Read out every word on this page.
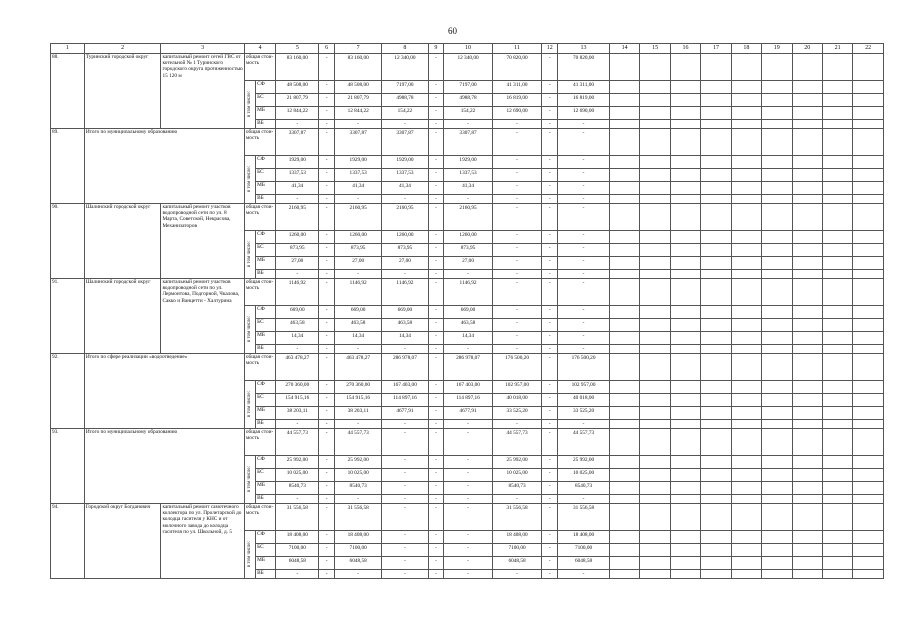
60
1	2	3	4		5	6	7	8	9	10	11	12	13	14	15	16	17	18	19	20	21	22
88.	Туринский городской округ	капитальный ремонт сетей ГВС от котельной № 1 Туринского городского округа протяженностью 15 120 м	общая стои-мость		83 160,00	-	83 160,00	12 340,00	-	12 340,00	70 820,00	-	70 820,00									

			в том числе:	СФ	48 508,00	-	48 508,00	7197,00	-	7197,00	41 311,00	-	41 311,00									
				БС	21 807,79	-	21 807,79	4988,78	-	4988,78	16 819,00	-	16 819,00									
				МБ	12 844,22	-	12 844,22	154,22	-	154,22	12 690,00	-	12 690,00									
				ВБ	-	-	-	-	-	-	-	-	-									
89.	Итого по муниципальному образованию		общая стои-мость		3307,87	-	3307,87	3307,87	-	3307,87	-	-	-									

			в том числе:	СФ	1929,00	-	1929,00	1929,00	-	1929,00	-	-	-									
				БС	1337,53	-	1337,53	1337,53	-	1337,53	-	-	-									
				МБ	41,34	-	41,34	41,34	-	41,34	-	-	-									
				ВБ	-	-	-	-	-	-	-	-	-									
90.	Шалинский городской округ	капитальный ремонт участков водопроводной сети по ул. 8 Марта, Советской, Некрасова, Механизаторов	общая стои-мость		2160,95	-	2160,95	2160,95	-	2160,95	-	-	-									

			в том числе:	СФ	1260,00	-	1260,00	1260,00	-	1260,00	-	-	-									
				БС	873,95	-	873,95	873,95	-	873,95	-	-	-									
				МБ	27,00	-	27,00	27,00	-	27,00	-	-	-									
				ВБ	-	-	-	-	-	-	-	-	-									
91.	Шалинский городской округ	капитальный ремонт участков водопроводной сети по ул. Лермонтова, Подгорной, Чкалова, Сакко и Ванцетти - Халтурина	общая стои-мость		1146,92	-	1146,92	1146,92	-	1146,92	-	-	-									

			в том числе:	СФ	669,00	-	669,00	669,00	-	669,00	-	-	-									
				БС	463,58	-	463,58	463,58	-	463,58	-	-	-									
				МБ	14,34	-	14,34	14,34	-	14,34	-	-	-									
				ВБ	-	-	-	-	-	-	-	-	-									
92.	Итого по сфере реализации «водоотведение»		общая стои-мость		463 478,27	-	463 478,27	286 978,07	-	286 978,07	176 500,20	-	176 500,20									

			в том числе:	СФ	270 360,00	-	270 360,00	167 403,00	-	167 403,00	102 957,00	-	102 957,00									
				БС	154 915,16	-	154 915,16	114 897,16	-	114 897,16	40 018,00	-	40 018,00									
				МБ	38 203,11	-	38 203,11	4677,91	-	4677,91	33 525,20	-	33 525,20									
				ВБ	-	-	-	-	-	-	-	-	-									
93.	Итого по муниципальному образованию		общая стои-мость		44 557,73	-	44 557,73	-	-	-	44 557,73	-	44 557,73									

			в том числе:	СФ	25 992,00	-	25 992,00	-	-	-	25 992,00	-	25 992,00									
				БС	10 025,00	-	10 025,00	-	-	-	10 025,00	-	10 025,00									
				МБ	8540,73	-	8540,73	-	-	-	8540,73	-	8540,73									
				ВБ	-	-	-	-	-	-	-	-	-									
94.	Городской округ Богданович	капитальный ремонт самотечного коллектора по ул. Пролетарской до колодца гасителя у КНС и от молочного завода до колодца гасителя по ул. Школьной, д. 5	общая стои-мость		31 556,58	-	31 556,58	-	-	-	31 556,58	-	31 556,58									

			в том числе:	СФ	18 408,00	-	18 408,00	-	-	-	18 408,00	-	18 408,00									
				БС	7100,00	-	7100,00	-	-	-	7100,00	-	7100,00									
				МБ	6048,58	-	6048,58	-	-	-	6048,58	-	6048,58									
				ВБ	-	-	-	-	-	-	-	-	-									
